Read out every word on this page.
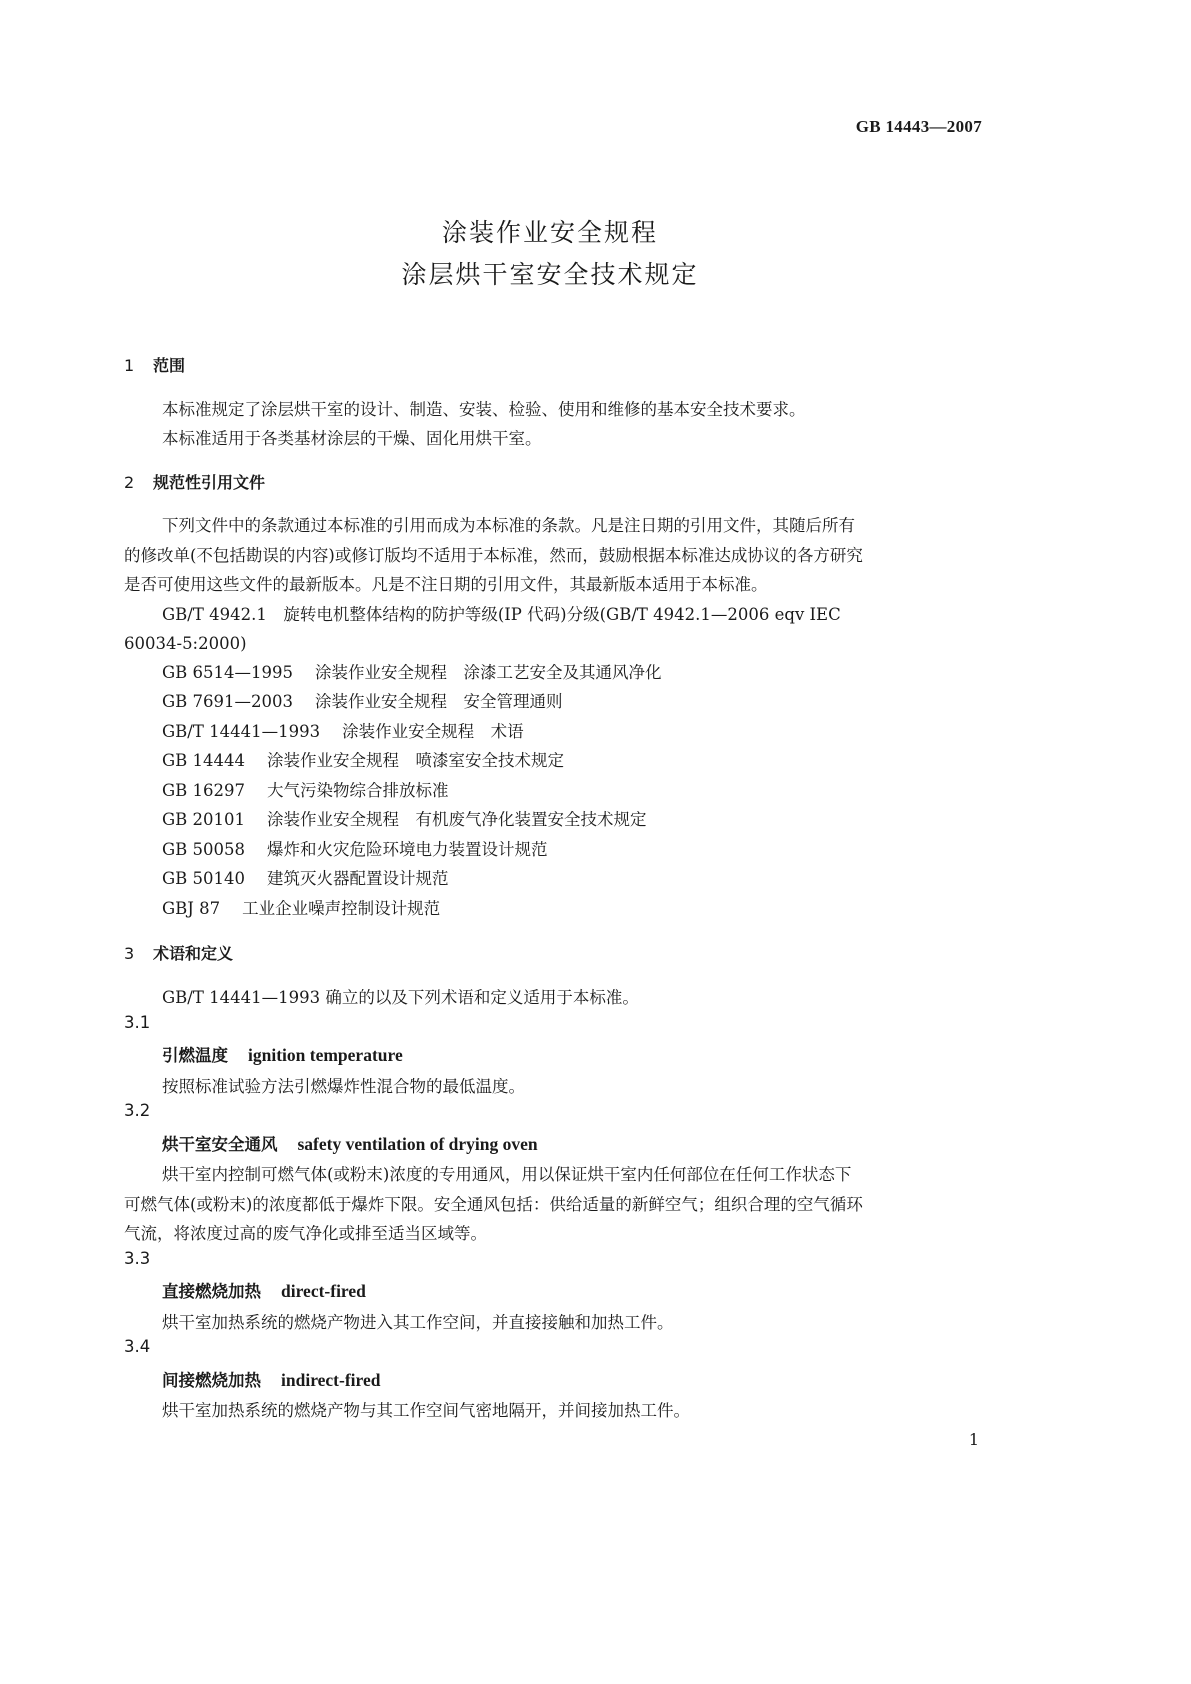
GB 14443—2007
涂装作业安全规程
涂层烘干室安全技术规定
1 范围

本标准规定了涂层烘干室的设计、制造、安装、检验、使用和维修的基本安全技术要求。

本标准适用于各类基材涂层的干燥、固化用烘干室。

2 规范性引用文件

下列文件中的条款通过本标准的引用而成为本标准的条款。凡是注日期的引用文件，其随后所有

的修改单(不包括勘误的内容)或修订版均不适用于本标准，然而，鼓励根据本标准达成协议的各方研究

是否可使用这些文件的最新版本。凡是不注日期的引用文件，其最新版本适用于本标准。

GB/T 4942.1　旋转电机整体结构的防护等级(IP 代码)分级(GB/T 4942.1—2006 eqv IEC

60034-5:2000)

GB 6514—1995 涂装作业安全规程　涂漆工艺安全及其通风净化

GB 7691—2003 涂装作业安全规程　安全管理通则

GB/T 14441—1993 涂装作业安全规程　术语

GB 14444 涂装作业安全规程　喷漆室安全技术规定

GB 16297 大气污染物综合排放标准

GB 20101 涂装作业安全规程　有机废气净化装置安全技术规定

GB 50058 爆炸和火灾危险环境电力装置设计规范

GB 50140 建筑灭火器配置设计规范

GBJ 87 工业企业噪声控制设计规范

3 术语和定义

GB/T 14441—1993 确立的以及下列术语和定义适用于本标准。

3.1

引燃温度 ignition temperature

按照标准试验方法引燃爆炸性混合物的最低温度。

3.2

烘干室安全通风 safety ventilation of drying oven

烘干室内控制可燃气体(或粉末)浓度的专用通风，用以保证烘干室内任何部位在任何工作状态下

可燃气体(或粉末)的浓度都低于爆炸下限。安全通风包括：供给适量的新鲜空气；组织合理的空气循环

气流，将浓度过高的废气净化或排至适当区域等。

3.3

直接燃烧加热 direct-fired

烘干室加热系统的燃烧产物进入其工作空间，并直接接触和加热工件。

3.4

间接燃烧加热 indirect-fired

烘干室加热系统的燃烧产物与其工作空间气密地隔开，并间接加热工件。

1
